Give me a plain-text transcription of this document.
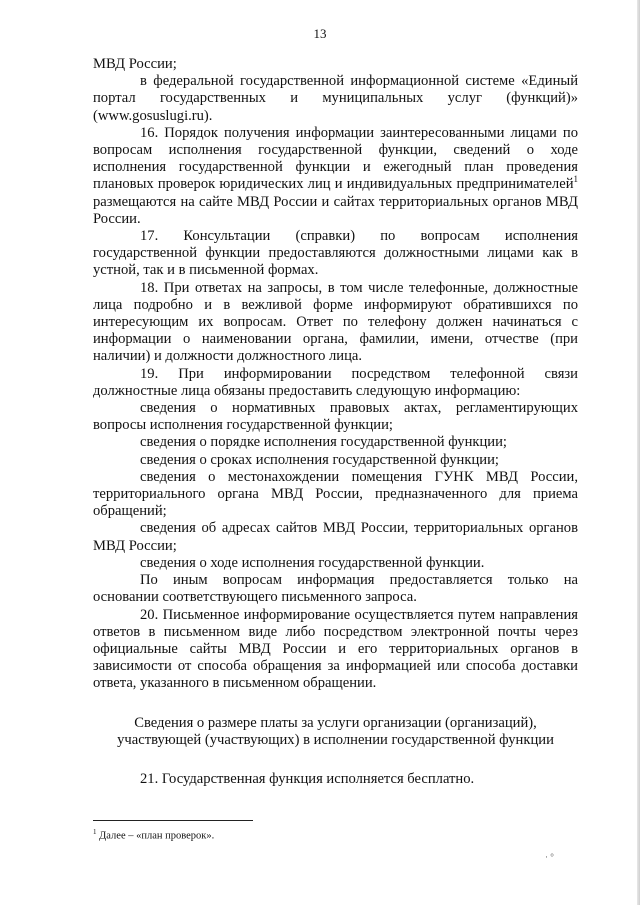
13

МВД России;

в федеральной государственной информационной системе «Единый портал государственных и муниципальных услуг (функций)» (www.gosuslugi.ru).

16. Порядок получения информации заинтересованными лицами по вопросам исполнения государственной функции, сведений о ходе исполнения государственной функции и ежегодный план проведения плановых проверок юридических лиц и индивидуальных предпринимателей$^1$ размещаются на сайте МВД России и сайтах территориальных органов МВД России.

17. Консультации (справки) по вопросам исполнения государственной функции предоставляются должностными лицами как в устной, так и в письменной формах.

18. При ответах на запросы, в том числе телефонные, должностные лица подробно и в вежливой форме информируют обратившихся по интересующим их вопросам. Ответ по телефону должен начинаться с информации о наименовании органа, фамилии, имени, отчестве (при наличии) и должности должностного лица.

19. При информировании посредством телефонной связи должностные лица обязаны предоставить следующую информацию:

сведения о нормативных правовых актах, регламентирующих вопросы исполнения государственной функции;

сведения о порядке исполнения государственной функции;

сведения о сроках исполнения государственной функции;

сведения о местонахождении помещения ГУНК МВД России, территориального органа МВД России, предназначенного для приема обращений;

сведения об адресах сайтов МВД России, территориальных органов МВД России;

сведения о ходе исполнения государственной функции.

По иным вопросам информация предоставляется только на основании соответствующего письменного запроса.

20. Письменное информирование осуществляется путем направления ответов в письменном виде либо посредством электронной почты через официальные сайты МВД России и его территориальных органов в зависимости от способа обращения за информацией или способа доставки ответа, указанного в письменном обращении.

Сведения о размере платы за услуги организации (организаций), участвующей (участвующих) в исполнении государственной функции

21. Государственная функция исполняется бесплатно.

$^1$ Далее – «план проверок».
· °
